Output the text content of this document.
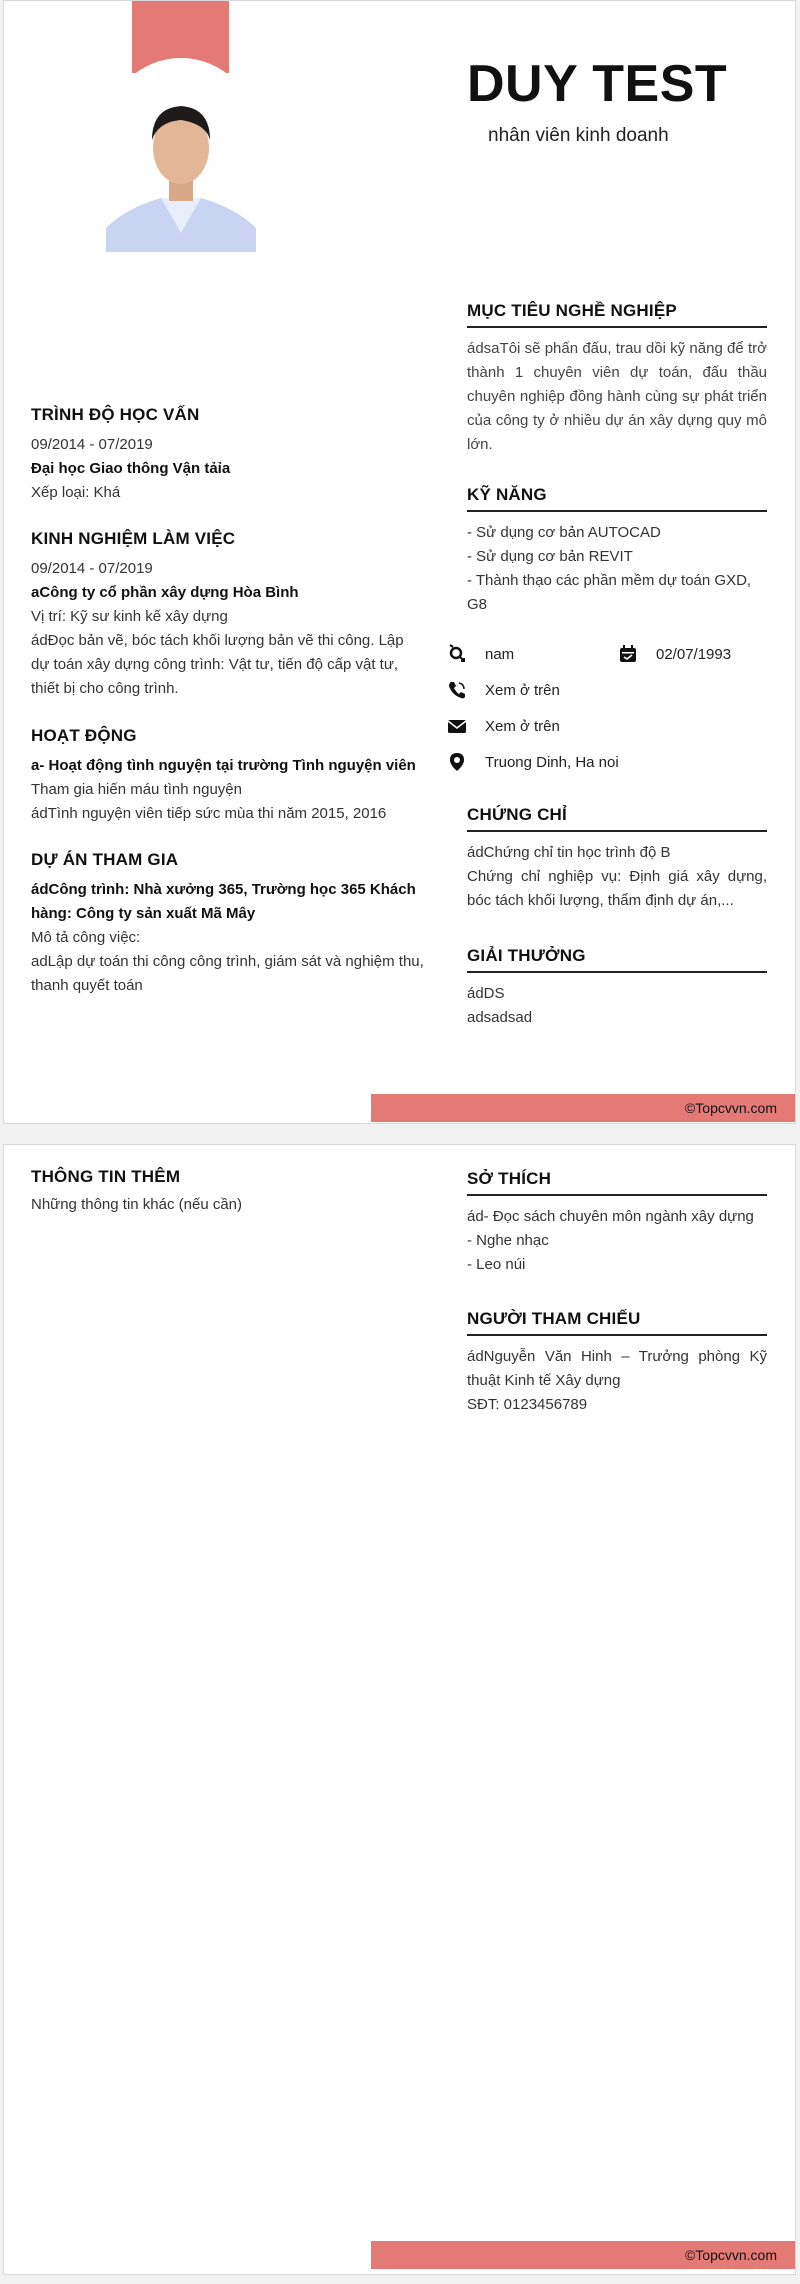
DUY TEST
nhân viên kinh doanh
MỤC TIÊU NGHỀ NGHIỆP
ádsaTôi sẽ phấn đấu, trau dồi kỹ năng để trở thành 1 chuyên viên dự toán, đấu thầu chuyên nghiệp đồng hành cùng sự phát triển của công ty ở nhiều dự án xây dựng quy mô lớn.
KỸ NĂNG
- Sử dụng cơ bản AUTOCAD
- Sử dụng cơ bản REVIT
- Thành thạo các phần mềm dự toán GXD, G8
nam	02/07/1993
Xem ở trên
Xem ở trên
Truong Dinh, Ha noi
CHỨNG CHỈ
ádChứng chỉ tin học trình độ B
Chứng chỉ nghiệp vụ: Định giá xây dựng, bóc tách khối lượng, thẩm định dự án,...
GIẢI THƯỞNG
ádDS
adsadsad
TRÌNH ĐỘ HỌC VẤN
09/2014 - 07/2019
Đại học Giao thông Vận tảỉa
Xếp loại: Khá
KINH NGHIỆM LÀM VIỆC
09/2014 - 07/2019
aCông ty cổ phần xây dựng Hòa Bình
Vị trí: Kỹ sư kinh kế xây dựng
ádĐọc bản vẽ, bóc tách khối lượng bản vẽ thi công. Lập dự toán xây dựng công trình: Vật tư, tiến độ cấp vật tư, thiết bị cho công trình.
HOẠT ĐỘNG
a- Hoạt động tình nguyện tại trường Tình nguyện viên
Tham gia hiến máu tình nguyện
ádTình nguyện viên tiếp sức mùa thi năm 2015, 2016
DỰ ÁN THAM GIA
ádCông trình: Nhà xưởng 365, Trường học 365 Khách hàng: Công ty sản xuất Mã Mây
Mô tả công việc:
adLập dự toán thi công công trình, giám sát và nghiệm thu, thanh quyết toán
©Topcvvn.com
THÔNG TIN THÊM
Những thông tin khác (nếu cần)
SỞ THÍCH
ád- Đọc sách chuyên môn ngành xây dựng
- Nghe nhạc
- Leo núi
NGƯỜI THAM CHIẾU
ádNguyễn Văn Hinh – Trưởng phòng Kỹ thuật Kinh tế Xây dựng
SĐT: 0123456789
©Topcvvn.com
